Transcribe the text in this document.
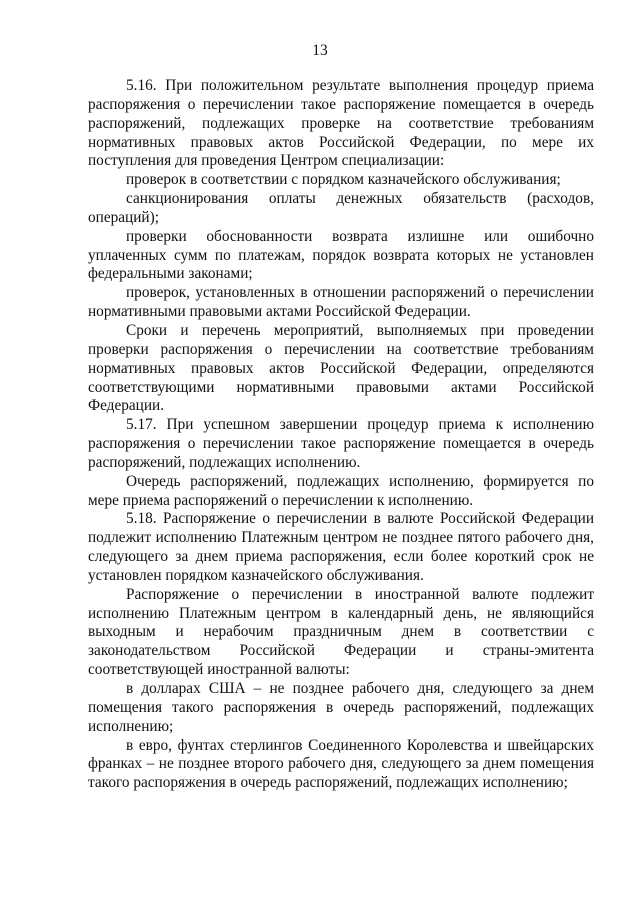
13

5.16. При положительном результате выполнения процедур приема распоряжения о перечислении такое распоряжение помещается в очередь распоряжений, подлежащих проверке на соответствие требованиям нормативных правовых актов Российской Федерации, по мере их поступления для проведения Центром специализации:

проверок в соответствии с порядком казначейского обслуживания;

санкционирования оплаты денежных обязательств (расходов, операций);

проверки обоснованности возврата излишне или ошибочно уплаченных сумм по платежам, порядок возврата которых не установлен федеральными законами;

проверок, установленных в отношении распоряжений о перечислении нормативными правовыми актами Российской Федерации.

Сроки и перечень мероприятий, выполняемых при проведении проверки распоряжения о перечислении на соответствие требованиям нормативных правовых актов Российской Федерации, определяются соответствующими нормативными правовыми актами Российской Федерации.

5.17. При успешном завершении процедур приема к исполнению распоряжения о перечислении такое распоряжение помещается в очередь распоряжений, подлежащих исполнению.

Очередь распоряжений, подлежащих исполнению, формируется по мере приема распоряжений о перечислении к исполнению.

5.18. Распоряжение о перечислении в валюте Российской Федерации подлежит исполнению Платежным центром не позднее пятого рабочего дня, следующего за днем приема распоряжения, если более короткий срок не установлен порядком казначейского обслуживания.

Распоряжение о перечислении в иностранной валюте подлежит исполнению Платежным центром в календарный день, не являющийся выходным и нерабочим праздничным днем в соответствии с законодательством Российской Федерации и страны-эмитента соответствующей иностранной валюты:

в долларах США – не позднее рабочего дня, следующего за днем помещения такого распоряжения в очередь распоряжений, подлежащих исполнению;

в евро, фунтах стерлингов Соединенного Королевства и швейцарских франках – не позднее второго рабочего дня, следующего за днем помещения такого распоряжения в очередь распоряжений, подлежащих исполнению;
